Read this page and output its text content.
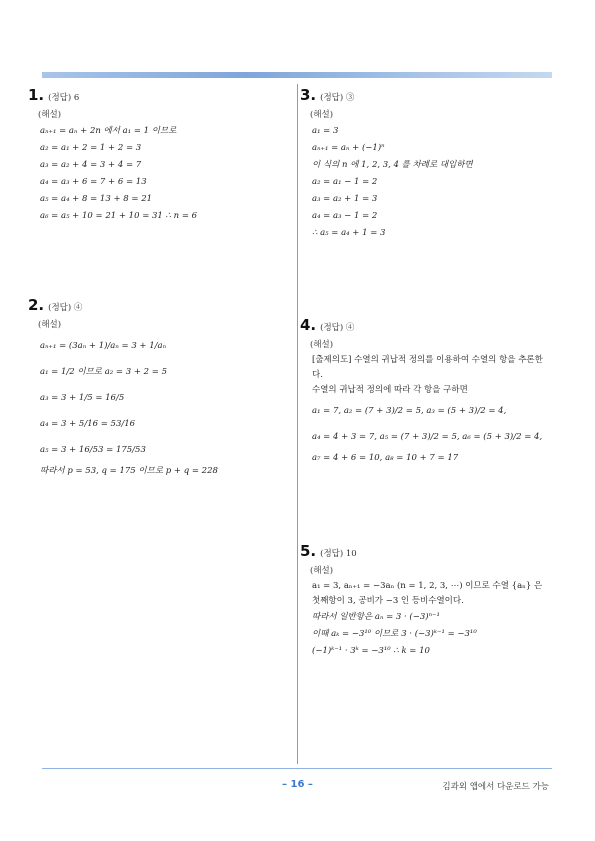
1. (정답) 6
(해설)
aₙ₊₁ = aₙ + 2n 에서 a₁ = 1 이므로
a₂ = a₁ + 2 = 1 + 2 = 3
a₃ = a₂ + 4 = 3 + 4 = 7
a₄ = a₃ + 6 = 7 + 6 = 13
a₅ = a₄ + 8 = 13 + 8 = 21
a₆ = a₅ + 10 = 21 + 10 = 31 ∴ n = 6
2. (정답) ④
(해설)
aₙ₊₁ = (3aₙ + 1)/aₙ = 3 + 1/aₙ
a₁ = 1/2 이므로 a₂ = 3 + 2 = 5
a₃ = 3 + 1/5 = 16/5
a₄ = 3 + 5/16 = 53/16
a₅ = 3 + 16/53 = 175/53
따라서 p = 53, q = 175 이므로 p + q = 228
3. (정답) ③
(해설)
a₁ = 3
aₙ₊₁ = aₙ + (−1)ⁿ
이 식의 n 에 1, 2, 3, 4 를 차례로 대입하면
a₂ = a₁ − 1 = 2
a₃ = a₂ + 1 = 3
a₄ = a₃ − 1 = 2
∴ a₅ = a₄ + 1 = 3
4. (정답) ④
(해설)
[출제의도] 수열의 귀납적 정의를 이용하여 수열의 항을 추론한다.
수열의 귀납적 정의에 따라 각 항을 구하면
a₁ = 7, a₂ = (7 + 3)/2 = 5, a₃ = (5 + 3)/2 = 4,
a₄ = 4 + 3 = 7, a₅ = (7 + 3)/2 = 5, a₆ = (5 + 3)/2 = 4,
a₇ = 4 + 6 = 10, a₈ = 10 + 7 = 17
5. (정답) 10
(해설)
a₁ = 3, aₙ₊₁ = −3aₙ (n = 1, 2, 3, ⋯) 이므로 수열 {aₙ} 은 첫째항이 3, 공비가 −3 인 등비수열이다.
따라서 일반항은 aₙ = 3 · (−3)ⁿ⁻¹
이때 aₖ = −3¹⁰ 이므로 3 · (−3)ᵏ⁻¹ = −3¹⁰
(−1)ᵏ⁻¹ · 3ᵏ = −3¹⁰ ∴ k = 10
– 16 –	김과외 앱에서 다운로드 가능
